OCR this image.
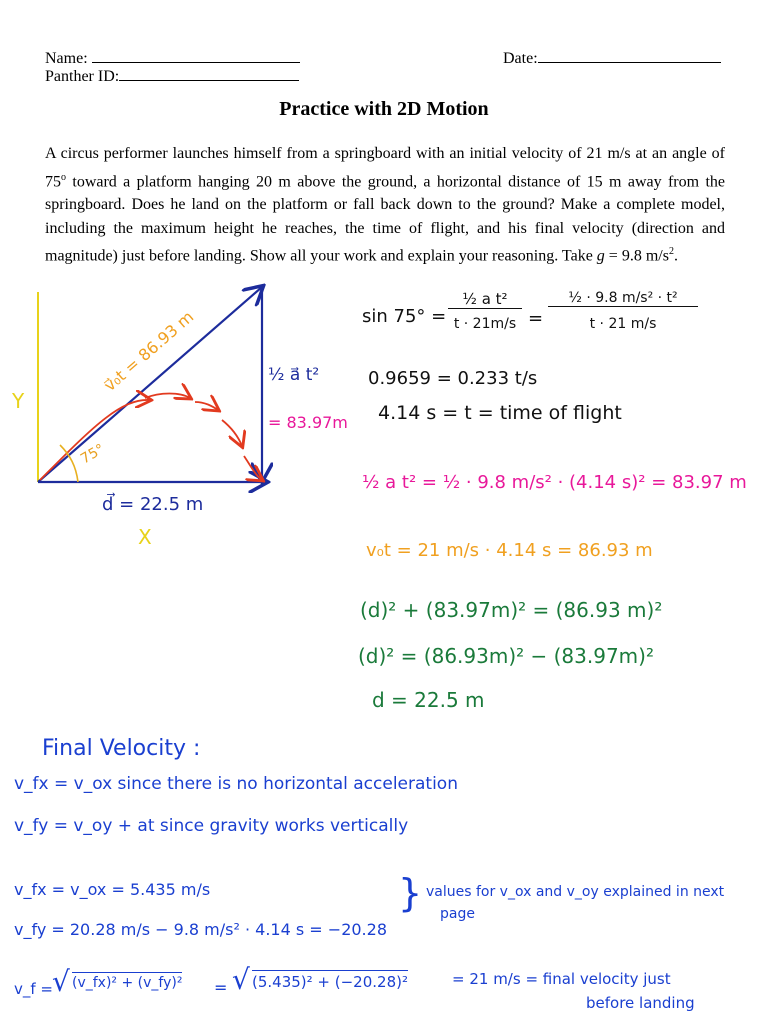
Name:	Date:
Panther ID:
Practice with 2D Motion
A circus performer launches himself from a springboard with an initial velocity of 21 m/s at an angle of 75$^o$ toward a platform hanging 20 m above the ground, a horizontal distance of 15 m away from the springboard. Does he land on the platform or fall back down to the ground? Make a complete model, including the maximum height he reaches, the time of flight, and his final velocity (direction and magnitude) just before landing. Show all your work and explain your reasoning. Take g = 9.8 $m/s^2$.
Y
X
75°
v⃗₀t = 86.93 m	½ a⃗ t²
= 83.97m
d⃗ = 22.5 m
sin 75° =
½ a t²
t · 21m/s =
½ · 9.8 m/s² · t²
t · 21 m/s
0.9659 = 0.233 t/s
4.14 s = t = time of flight
½ a t² = ½ · 9.8 m/s² · (4.14 s)² = 83.97 m
v₀t = 21 m/s · 4.14 s = 86.93 m
(d)² + (83.97m)² = (86.93 m)²
(d)² = (86.93m)² − (83.97m)²
d = 22.5 m
Final Velocity :
v_fx = v_ox since there is no horizontal acceleration
v_fy = v_oy + at since gravity works vertically
v_fx = v_ox = 5.435 m/s
v_fy = 20.28 m/s − 9.8 m/s² · 4.14 s = −20.28
} values for v_ox and v_oy explained in next
page
v_f = √ (v_fx)² + (v_fy)² = √ (5.435)² + (−20.28)²	= 21 m/s = final velocity just
before landing
